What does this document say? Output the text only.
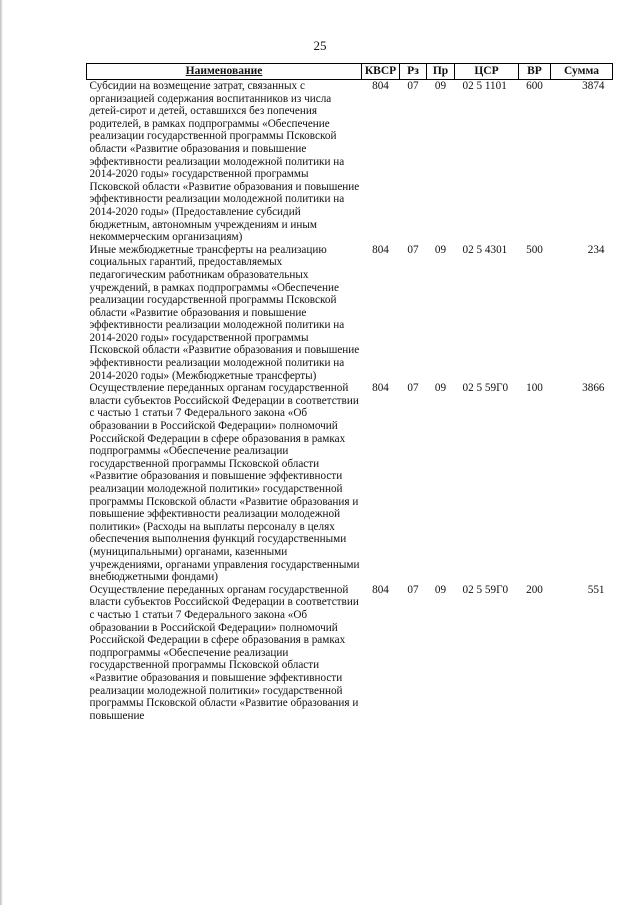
25
Наименование	КВСР	Рз	Пр	ЦСР	ВР	Сумма
Субсидии на возмещение затрат, связанных с организацией содержания воспитанников из числа детей-сирот и детей, оставшихся без попечения родителей, в рамках подпрограммы «Обеспечение реализации государственной программы Псковской области «Развитие образования и повышение эффективности реализации молодежной политики на 2014-2020 годы» государственной программы Псковской области «Развитие образования и повышение эффективности реализации молодежной политики на 2014-2020 годы» (Предоставление субсидий бюджетным, автономным учреждениям и иным некоммерческим организациям)	804	07	09	02 5 1101	600	3874
Иные межбюджетные трансферты на реализацию социальных гарантий, предоставляемых педагогическим работникам образовательных учреждений, в рамках подпрограммы «Обеспечение реализации государственной программы Псковской области «Развитие образования и повышение эффективности реализации молодежной политики на 2014-2020 годы» государственной программы Псковской области «Развитие образования и повышение эффективности реализации молодежной политики на 2014-2020 годы» (Межбюджетные трансферты)	804	07	09	02 5 4301	500	234
Осуществление переданных органам государственной власти субъектов Российской Федерации в соответствии с частью 1 статьи 7 Федерального закона «Об образовании в Российской Федерации» полномочий Российской Федерации в сфере образования в рамках подпрограммы «Обеспечение реализации государственной программы Псковской области «Развитие образования и повышение эффективности реализации молодежной политики» государственной программы Псковской области «Развитие образования и повышение эффективности реализации молодежной политики» (Расходы на выплаты персоналу в целях обеспечения выполнения функций государственными (муниципальными) органами, казенными учреждениями, органами управления государственными внебюджетными фондами)	804	07	09	02 5 59Г0	100	3866
Осуществление переданных органам государственной власти субъектов Российской Федерации в соответствии с частью 1 статьи 7 Федерального закона «Об образовании в Российской Федерации» полномочий Российской Федерации в сфере образования в рамках подпрограммы «Обеспечение реализации государственной программы Псковской области «Развитие образования и повышение эффективности реализации молодежной политики» государственной программы Псковской области «Развитие образования и повышение	804	07	09	02 5 59Г0	200	551
